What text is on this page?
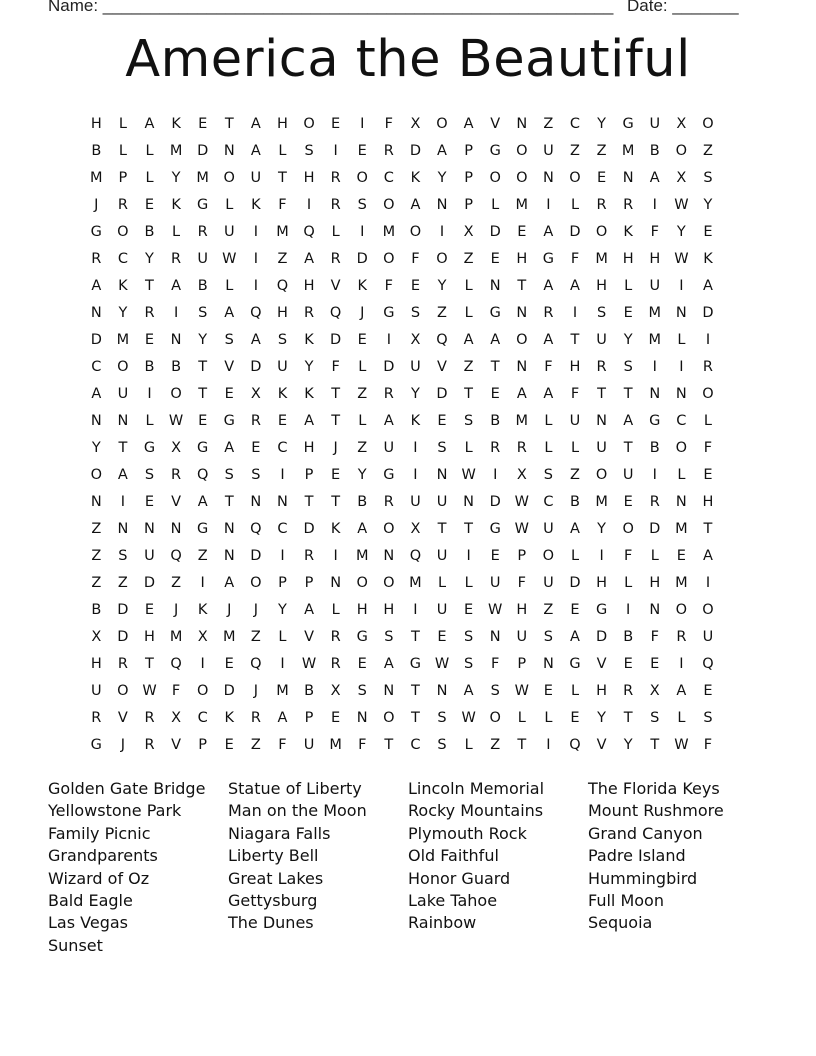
Name: ______________________________________________________ Date: _______
America the Beautiful
H	L	A	K	E	T	A	H	O	E	I	F	X	O	A	V	N	Z	C	Y	G	U	X	O
B	L	L	M	D	N	A	L	S	I	E	R	D	A	P	G	O	U	Z	Z	M	B	O	Z
M	P	L	Y	M	O	U	T	H	R	O	C	K	Y	P	O	O	N	O	E	N	A	X	S
J	R	E	K	G	L	K	F	I	R	S	O	A	N	P	L	M	I	L	R	R	I	W	Y
G	O	B	L	R	U	I	M	Q	L	I	M	O	I	X	D	E	A	D	O	K	F	Y	E
R	C	Y	R	U W	I	Z	A	R	D	O	F	O	Z	E	H	G	F	M	H	H W	K
A	K	T	A	B	L	I	Q	H	V	K	F	E	Y	L	N	T	A	A	H	L	U	I	A
N	Y	R	I	S	A	Q	H	R	Q	J	G	S	Z	L	G	N	R	I	S	E	M	N	D
D	M	E	N	Y	S	A	S	K	D	E	I	X	Q	A	A	O	A	T	U	Y	M	L	I
C	O	B	B	T	V	D	U	Y	F	L	D	U	V	Z	T	N	F	H	R	S	I	I	R
A	U	I	O	T	E	X	K	K	T	Z	R	Y	D	T	E	A	A	F	T	T	N	N	O
N	N	L	W	E	G	R	E	A	T	L	A	K	E	S	B	M	L	U	N	A	G	C	L
Y	T	G	X	G	A	E	C	H	J	Z	U	I	S	L	R	R	L	L	U	T	B	O	F
O	A	S	R	Q	S	S	I	P	E	Y	G	I	N W	I	X	S	Z	O	U	I	L	E
N	I	E	V	A	T	N	N	T	T	B	R	U	U	N	D W C	B	M	E	R	N	H
Z	N	N	N	G	N	Q	C	D	K	A	O	X	T	T	G W U	A	Y	O	D	M	T
Z	S	U	Q	Z	N	D	I	R	I	M	N	Q	U	I	E	P	O	L	I	F	L	E	A
Z	Z	D	Z	I	A	O	P	P	N	O	O	M	L	L	U	F	U	D	H	L	H	M	I
B	D	E	J	K	J	J	Y	A	L	H	H	I	U	E	W H	Z	E	G	I	N	O	O
X	D	H	M	X	M	Z	L	V	R	G	S	T	E	S	N	U	S	A	D	B	F	R	U
H	R	T	Q	I	E	Q	I	W R	E	A	G W	S	F	P	N	G	V	E	E	I	Q
U	O W	F	O	D	J	M	B	X	S	N	T	N	A	S	W	E	L	H	R	X	A	E
R	V	R	X	C	K	R	A	P	E	N	O	T	S	W O	L	L	E	Y	T	S	L	S
G	J	R	V	P	E	Z	F	U	M	F	T	C	S	L	Z	T	I	Q	V	Y	T	W	F
Golden Gate Bridge	Statue of Liberty	Lincoln Memorial	The Florida Keys
Yellowstone Park	Man on the Moon	Rocky Mountains	Mount Rushmore
Family Picnic	Niagara Falls	Plymouth Rock	Grand Canyon
Grandparents	Liberty Bell	Old Faithful	Padre Island
Wizard of Oz	Great Lakes	Honor Guard	Hummingbird
Bald Eagle	Gettysburg	Lake Tahoe	Full Moon
Las Vegas	The Dunes	Rainbow	Sequoia
Sunset
